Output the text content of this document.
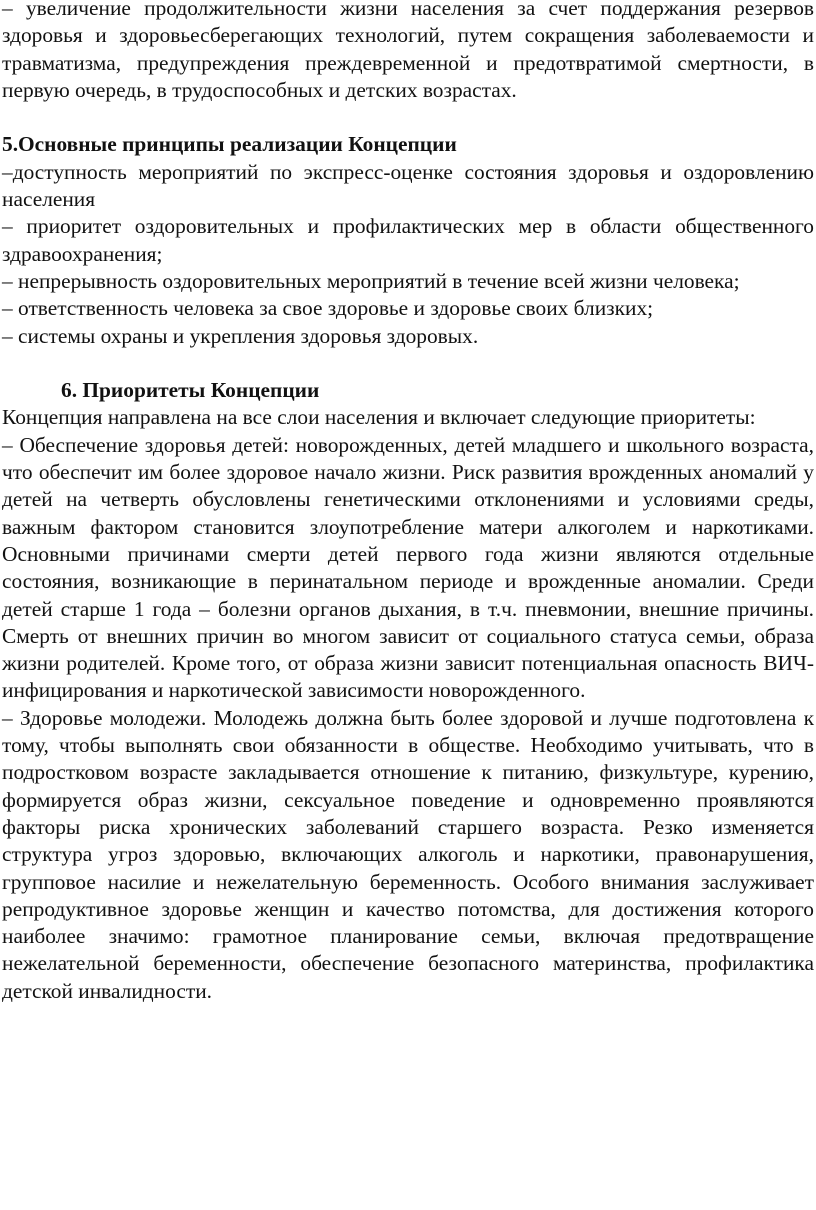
– увеличение продолжительности жизни населения за счет поддержания резервов здоровья и здоровьесберегающих технологий, путем сокращения заболеваемости и травматизма, предупреждения преждевременной и предотвратимой смертности, в первую очередь, в трудоспособных и детских возрастах.

5.Основные принципы реализации Концепции

–доступность мероприятий по экспресс-оценке состояния здоровья и оздоровлению населения

– приоритет оздоровительных и профилактических мер в области общественного здравоохранения;

– непрерывность оздоровительных мероприятий в течение всей жизни человека;

– ответственность человека за свое здоровье и здоровье своих близких;

– системы охраны и укрепления здоровья здоровых.

6. Приоритеты Концепции

Концепция направлена на все слои населения и включает следующие приоритеты:

– Обеспечение здоровья детей: новорожденных, детей младшего и школьного возраста, что обеспечит им более здоровое начало жизни. Риск развития врожденных аномалий у детей на четверть обусловлены генетическими отклонениями и условиями среды, важным фактором становится злоупотребление матери алкоголем и наркотиками. Основными причинами смерти детей первого года жизни являются отдельные состояния, возникающие в перинатальном периоде и врожденные аномалии. Среди детей старше 1 года – болезни органов дыхания, в т.ч. пневмонии, внешние причины. Смерть от внешних причин во многом зависит от социального статуса семьи, образа жизни родителей. Кроме того, от образа жизни зависит потенциальная опасность ВИЧ-инфицирования и наркотической зависимости новорожденного.

– Здоровье молодежи. Молодежь должна быть более здоровой и лучше подготовлена к тому, чтобы выполнять свои обязанности в обществе. Необходимо учитывать, что в подростковом возрасте закладывается отношение к питанию, физкультуре, курению, формируется образ жизни, сексуальное поведение и одновременно проявляются факторы риска хронических заболеваний старшего возраста. Резко изменяется структура угроз здоровью, включающих алкоголь и наркотики, правонарушения, групповое насилие и нежелательную беременность. Особого внимания заслуживает репродуктивное здоровье женщин и качество потомства, для достижения которого наиболее значимо: грамотное планирование семьи, включая предотвращение нежелательной беременности, обеспечение безопасного материнства, профилактика детской инвалидности.
